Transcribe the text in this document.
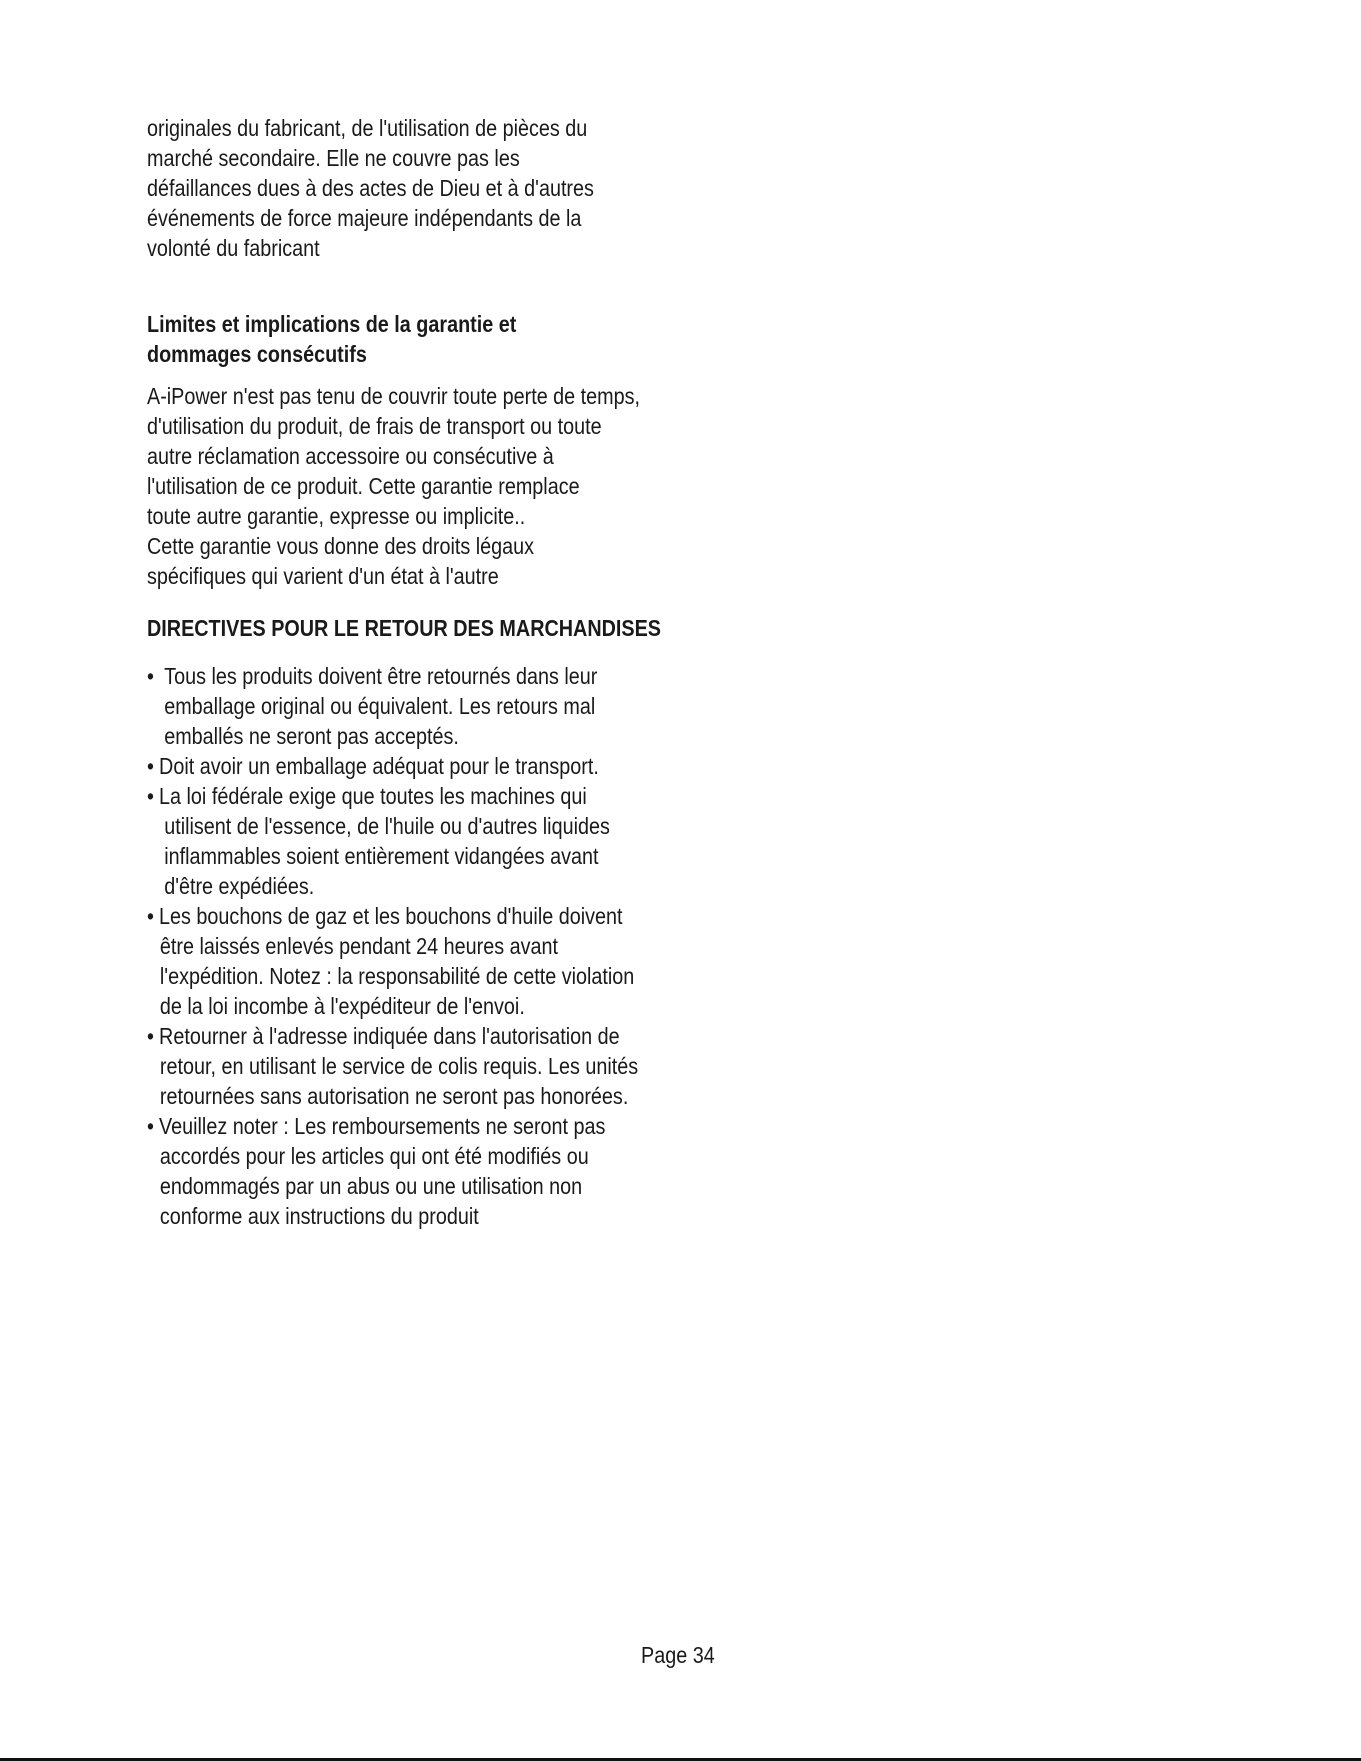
originales du fabricant, de l'utilisation de pièces du
marché secondaire. Elle ne couvre pas les
défaillances dues à des actes de Dieu et à d'autres
événements de force majeure indépendants de la
volonté du fabricant
Limites et implications de la garantie et
dommages consécutifs
A-iPower n'est pas tenu de couvrir toute perte de temps,
d'utilisation du produit, de frais de transport ou toute
autre réclamation accessoire ou consécutive à
l'utilisation de ce produit. Cette garantie remplace
toute autre garantie, expresse ou implicite..
Cette garantie vous donne des droits légaux
spécifiques qui varient d'un état à l'autre
DIRECTIVES POUR LE RETOUR DES MARCHANDISES
• Tous les produits doivent être retournés dans leur
emballage original ou équivalent. Les retours mal
emballés ne seront pas acceptés.
• Doit avoir un emballage adéquat pour le transport.
• La loi fédérale exige que toutes les machines qui
utilisent de l'essence, de l'huile ou d'autres liquides
inflammables soient entièrement vidangées avant
d'être expédiées.
• Les bouchons de gaz et les bouchons d'huile doivent
être laissés enlevés pendant 24 heures avant
l'expédition. Notez : la responsabilité de cette violation
de la loi incombe à l'expéditeur de l'envoi.
• Retourner à l'adresse indiquée dans l'autorisation de
retour, en utilisant le service de colis requis. Les unités
retournées sans autorisation ne seront pas honorées.
• Veuillez noter : Les remboursements ne seront pas
accordés pour les articles qui ont été modifiés ou
endommagés par un abus ou une utilisation non
conforme aux instructions du produit
Page 34
